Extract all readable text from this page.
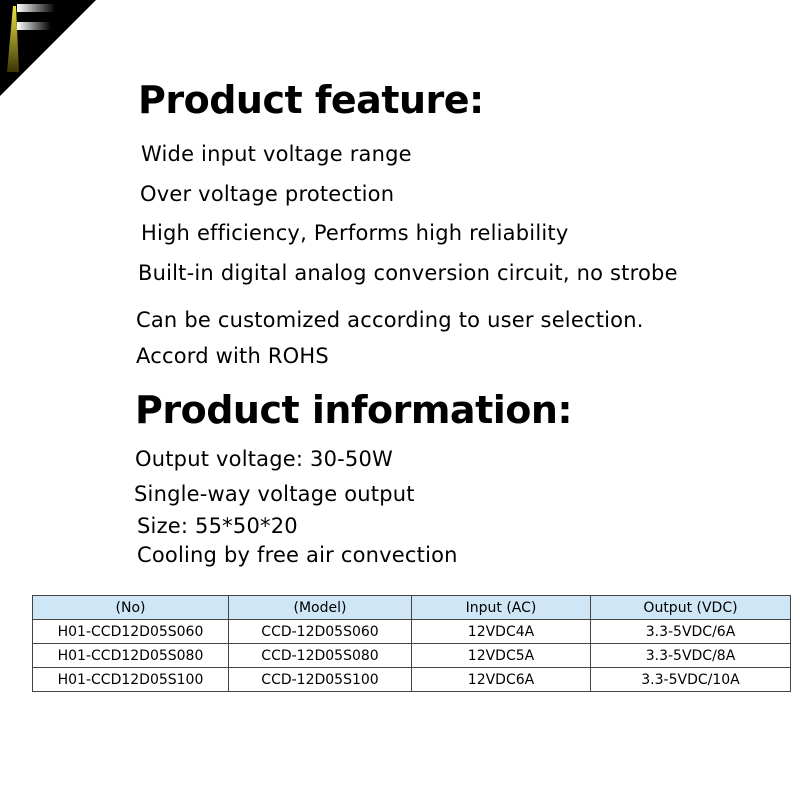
Product feature:
Wide input voltage range
Over voltage protection
High efficiency, Performs high reliability
Built-in digital analog conversion circuit, no strobe
Can be customized according to user selection.
Accord with ROHS
Product information:
Output voltage: 30-50W
Single-way voltage output
Size: 55*50*20
Cooling by free air convection
(No)	(Model)	Input (AC)	Output (VDC)
H01-CCD12D05S060	CCD-12D05S060	12VDC4A	3.3-5VDC/6A
H01-CCD12D05S080	CCD-12D05S080	12VDC5A	3.3-5VDC/8A
H01-CCD12D05S100	CCD-12D05S100	12VDC6A	3.3-5VDC/10A
